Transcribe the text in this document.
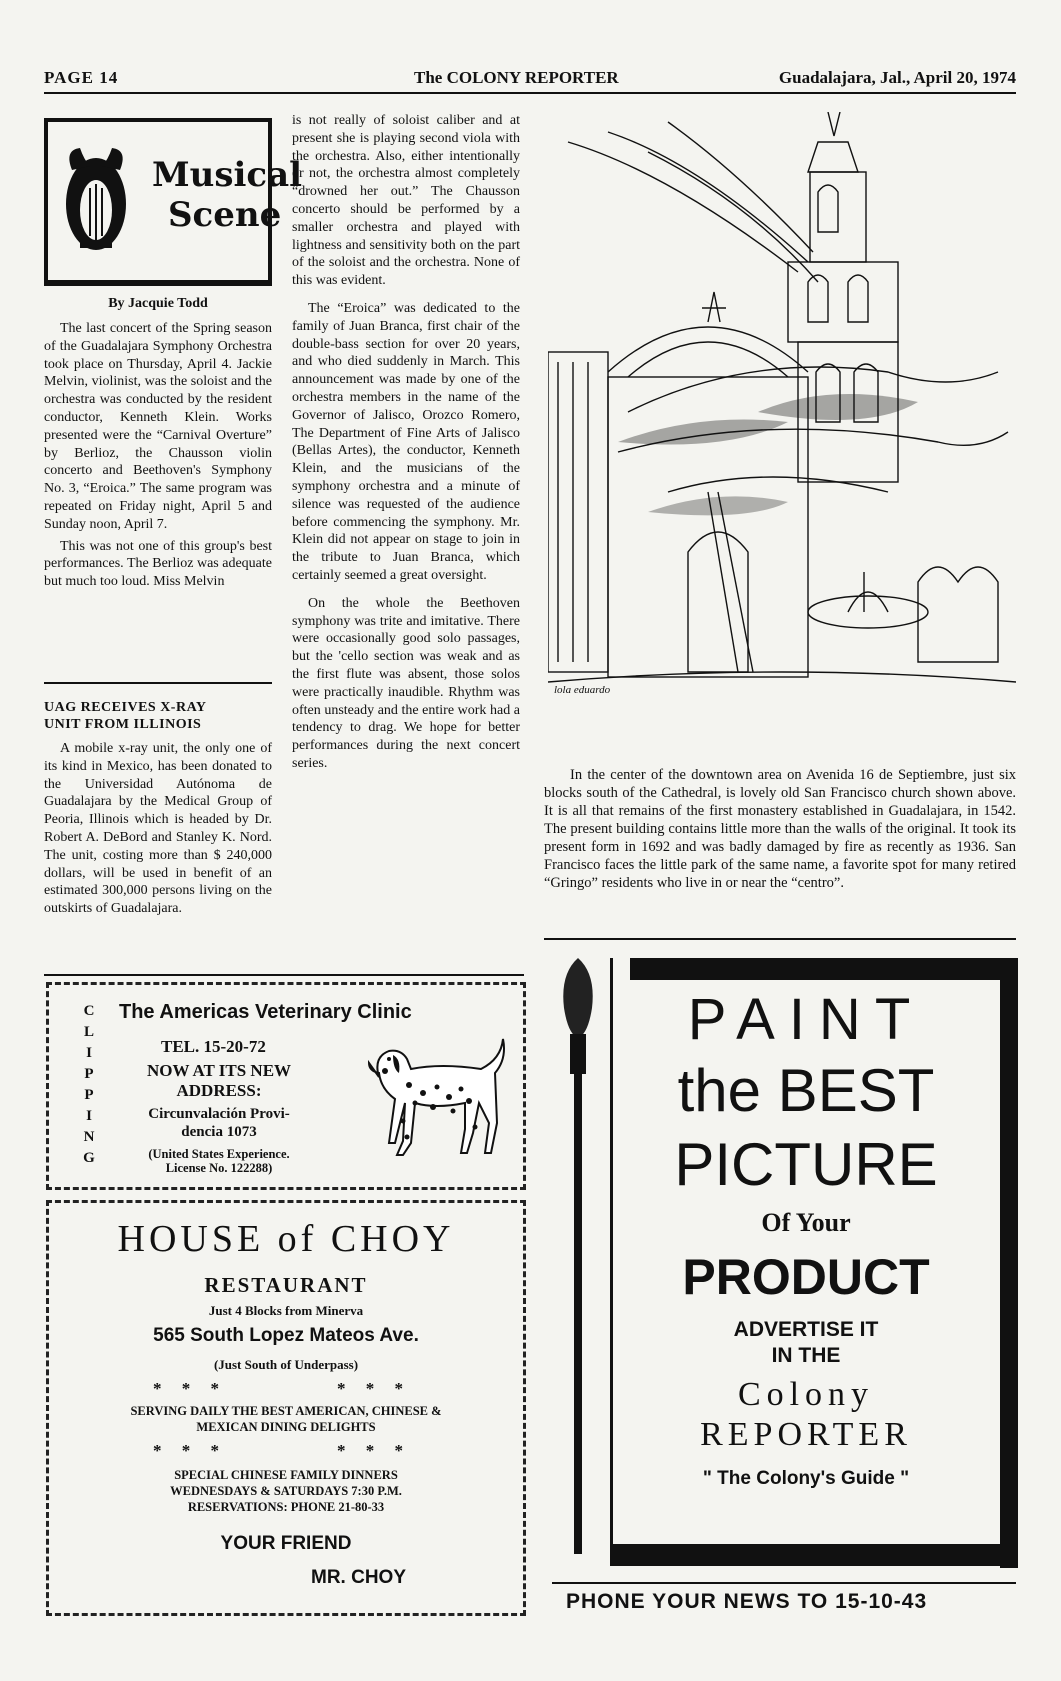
PAGE 14	The COLONY REPORTER	Guadalajara, Jal., April 20, 1974
Musical
Scene
By Jacquie Todd

The last concert of the Spring season of the Guadalajara Symphony Orchestra took place on Thursday, April 4. Jackie Melvin, violinist, was the soloist and the orchestra was conducted by the resident conductor, Kenneth Klein. Works presented were the “Carnival Overture” by Berlioz, the Chausson violin concerto and Beethoven's Symphony No. 3, “Eroica.” The same program was repeated on Friday night, April 5 and Sunday noon, April 7.

This was not one of this group's best performances. The Berlioz was adequate but much too loud. Miss Melvin

UAG RECEIVES X-RAY
UNIT FROM ILLINOIS

A mobile x-ray unit, the only one of its kind in Mexico, has been donated to the Universidad Autónoma de Guadalajara by the Medical Group of Peoria, Illinois which is headed by Dr. Robert A. DeBord and Stanley K. Nord. The unit, costing more than $ 240,000 dollars, will be used in benefit of an estimated 300,000 persons living on the outskirts of Guadalajara.

is not really of soloist caliber and at present she is playing second viola with the orchestra. Also, either intentionally or not, the orchestra almost completely “drowned her out.” The Chausson concerto should be performed by a smaller orchestra and played with lightness and sensitivity both on the part of the soloist and the orchestra. None of this was evident.

The “Eroica” was dedicated to the family of Juan Branca, first chair of the double-bass section for over 20 years, and who died suddenly in March. This announcement was made by one of the orchestra members in the name of the Governor of Jalisco, Orozco Romero, The Department of Fine Arts of Jalisco (Bellas Artes), the conductor, Kenneth Klein, and the musicians of the symphony orchestra and a minute of silence was requested of the audience before commencing the symphony. Mr. Klein did not appear on stage to join in the tribute to Juan Branca, which certainly seemed a great oversight.

On the whole the Beethoven symphony was trite and imitative. There were occasionally good solo passages, but the 'cello section was weak and as the first flute was absent, those solos were practically inaudible. Rhythm was often unsteady and the entire work had a tendency to drag. We hope for better performances during the next concert series.

lola eduardo
In the center of the downtown area on Avenida 16 de Septiembre, just six blocks south of the Cathedral, is lovely old San Francisco church shown above. It is all that remains of the first monastery established in Guadalajara, in 1542. The present building contains little more than the walls of the original. It took its present form in 1692 and was badly damaged by fire as recently as 1936. San Francisco faces the little park of the same name, a favorite spot for many retired “Gringo” residents who live in or near the “centro”.
C
L
I
P
P
I
N
G
The Americas Veterinary Clinic
TEL. 15-20-72
NOW AT ITS NEW
ADDRESS:
Circunvalación Provi-
dencia 1073
(United States Experience.
License No. 122288)
HOUSE of CHOY
RESTAURANT
Just 4 Blocks from Minerva
565 South Lopez Mateos Ave.
(Just South of Underpass)
* * *	* * *
SERVING DAILY THE BEST AMERICAN, CHINESE &
MEXICAN DINING DELIGHTS
* * *	* * *
SPECIAL CHINESE FAMILY DINNERS
WEDNESDAYS & SATURDAYS 7:30 P.M.
RESERVATIONS: PHONE 21-80-33
YOUR FRIEND
MR. CHOY
PAINT
the BEST
PICTURE
Of Your
PRODUCT
ADVERTISE IT
IN THE
Colony
REPORTER
" The Colony's Guide "
PHONE YOUR NEWS TO 15-10-43
